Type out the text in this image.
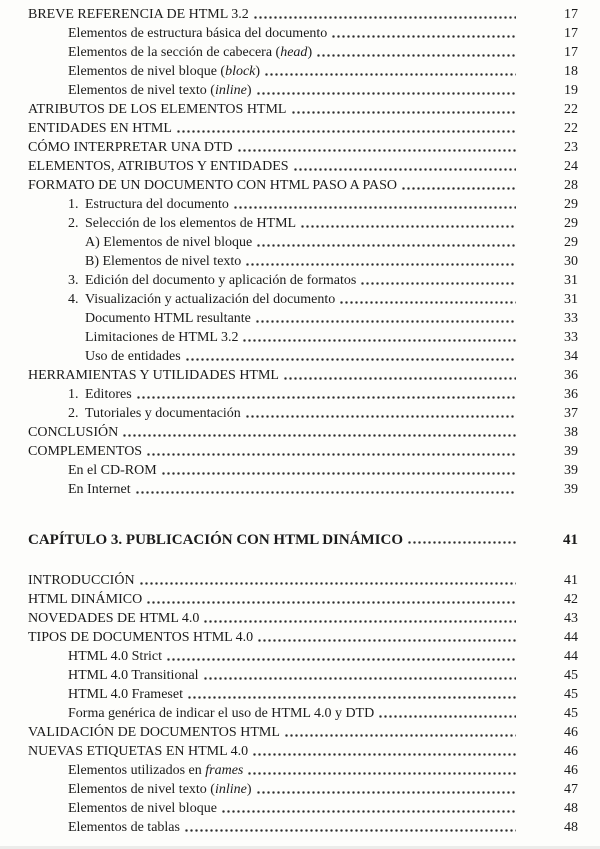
BREVE REFERENCIA DE HTML 3.2	17
Elementos de estructura básica del documento	17
Elementos de la sección de cabecera (head)	17
Elementos de nivel bloque (block)	18
Elementos de nivel texto (inline)	19
ATRIBUTOS DE LOS ELEMENTOS HTML	22
ENTIDADES EN HTML	22
CÓMO INTERPRETAR UNA DTD	23
ELEMENTOS, ATRIBUTOS Y ENTIDADES	24
FORMATO DE UN DOCUMENTO CON HTML PASO A PASO	28
1. Estructura del documento	29
2. Selección de los elementos de HTML	29
A) Elementos de nivel bloque	29
B) Elementos de nivel texto	30
3. Edición del documento y aplicación de formatos	31
4. Visualización y actualización del documento	31
Documento HTML resultante	33
Limitaciones de HTML 3.2	33
Uso de entidades	34
HERRAMIENTAS Y UTILIDADES HTML	36
1. Editores	36
2. Tutoriales y documentación	37
CONCLUSIÓN	38
COMPLEMENTOS	39
En el CD-ROM	39
En Internet	39
CAPÍTULO 3. PUBLICACIÓN CON HTML DINÁMICO	41
INTRODUCCIÓN	41
HTML DINÁMICO	42
NOVEDADES DE HTML 4.0	43
TIPOS DE DOCUMENTOS HTML 4.0	44
HTML 4.0 Strict	44
HTML 4.0 Transitional	45
HTML 4.0 Frameset	45
Forma genérica de indicar el uso de HTML 4.0 y DTD	45
VALIDACIÓN DE DOCUMENTOS HTML	46
NUEVAS ETIQUETAS EN HTML 4.0	46
Elementos utilizados en frames	46
Elementos de nivel texto (inline)	47
Elementos de nivel bloque	48
Elementos de tablas	48
